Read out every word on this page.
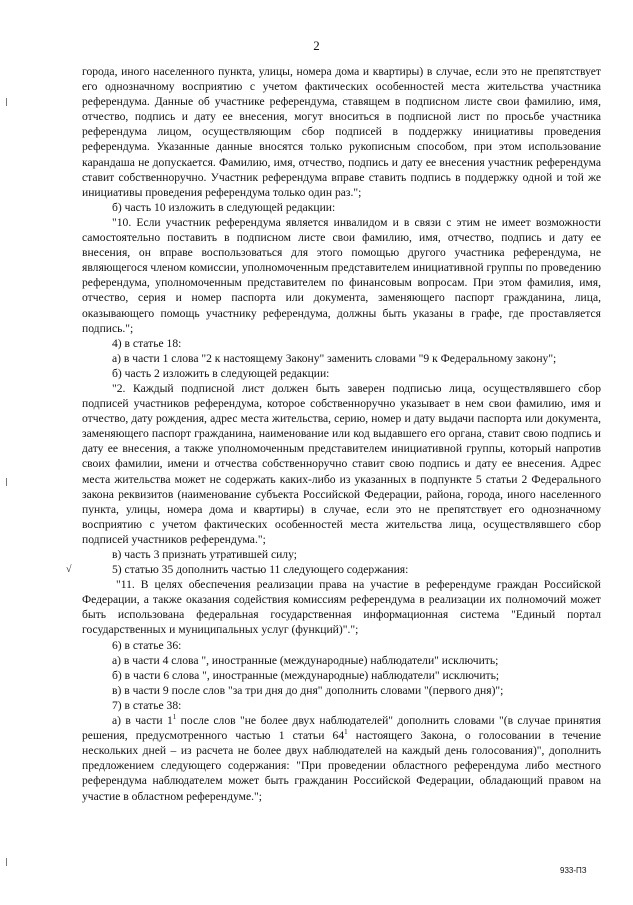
2

города, иного населенного пункта, улицы, номера дома и квартиры) в случае, если это не препятствует его однозначному восприятию с учетом фактических особенностей места жительства участника референдума. Данные об участнике референдума, ставящем в подписном листе свои фамилию, имя, отчество, подпись и дату ее внесения, могут вноситься в подписной лист по просьбе участника референдума лицом, осуществляющим сбор подписей в поддержку инициативы проведения референдума. Указанные данные вносятся только рукописным способом, при этом использование карандаша не допускается. Фамилию, имя, отчество, подпись и дату ее внесения участник референдума ставит собственноручно. Участник референдума вправе ставить подпись в поддержку одной и той же инициативы проведения референдума только один раз.";

б) часть 10 изложить в следующей редакции:

"10. Если участник референдума является инвалидом и в связи с этим не имеет возможности самостоятельно поставить в подписном листе свои фамилию, имя, отчество, подпись и дату ее внесения, он вправе воспользоваться для этого помощью другого участника референдума, не являющегося членом комиссии, уполномоченным представителем инициативной группы по проведению референдума, уполномоченным представителем по финансовым вопросам. При этом фамилия, имя, отчество, серия и номер паспорта или документа, заменяющего паспорт гражданина, лица, оказывающего помощь участнику референдума, должны быть указаны в графе, где проставляется подпись.";

4) в статье 18:

а) в части 1 слова "2 к настоящему Закону" заменить словами "9 к Федеральному закону";

б) часть 2 изложить в следующей редакции:

"2. Каждый подписной лист должен быть заверен подписью лица, осуществлявшего сбор подписей участников референдума, которое собственноручно указывает в нем свои фамилию, имя и отчество, дату рождения, адрес места жительства, серию, номер и дату выдачи паспорта или документа, заменяющего паспорт гражданина, наименование или код выдавшего его органа, ставит свою подпись и дату ее внесения, а также уполномоченным представителем инициативной группы, который напротив своих фамилии, имени и отчества собственноручно ставит свою подпись и дату ее внесения. Адрес места жительства может не содержать каких-либо из указанных в подпункте 5 статьи 2 Федерального закона реквизитов (наименование субъекта Российской Федерации, района, города, иного населенного пункта, улицы, номера дома и квартиры) в случае, если это не препятствует его однозначному восприятию с учетом фактических особенностей места жительства лица, осуществлявшего сбор подписей участников референдума.";

в) часть 3 признать утратившей силу;

√	5) статью 35 дополнить частью 11 следующего содержания:

"11. В целях обеспечения реализации права на участие в референдуме граждан Российской Федерации, а также оказания содействия комиссиям референдума в реализации их полномочий может быть использована федеральная государственная информационная система "Единый портал государственных и муниципальных услуг (функций)".";

6) в статье 36:

а) в части 4 слова ", иностранные (международные) наблюдатели" исключить;

б) в части 6 слова ", иностранные (международные) наблюдатели" исключить;

в) в части 9 после слов "за три дня до дня" дополнить словами "(первого дня)";

7) в статье 38:

а) в части $1^1$ после слов "не более двух наблюдателей" дополнить словами "(в случае принятия решения, предусмотренного частью 1 статьи $64^1$ настоящего Закона, о голосовании в течение нескольких дней – из расчета не более двух наблюдателей на каждый день голосования)", дополнить предложением следующего содержания: "При проведении областного референдума либо местного референдума наблюдателем может быть гражданин Российской Федерации, обладающий правом на участие в областном референдуме.";

933-ПЗ
